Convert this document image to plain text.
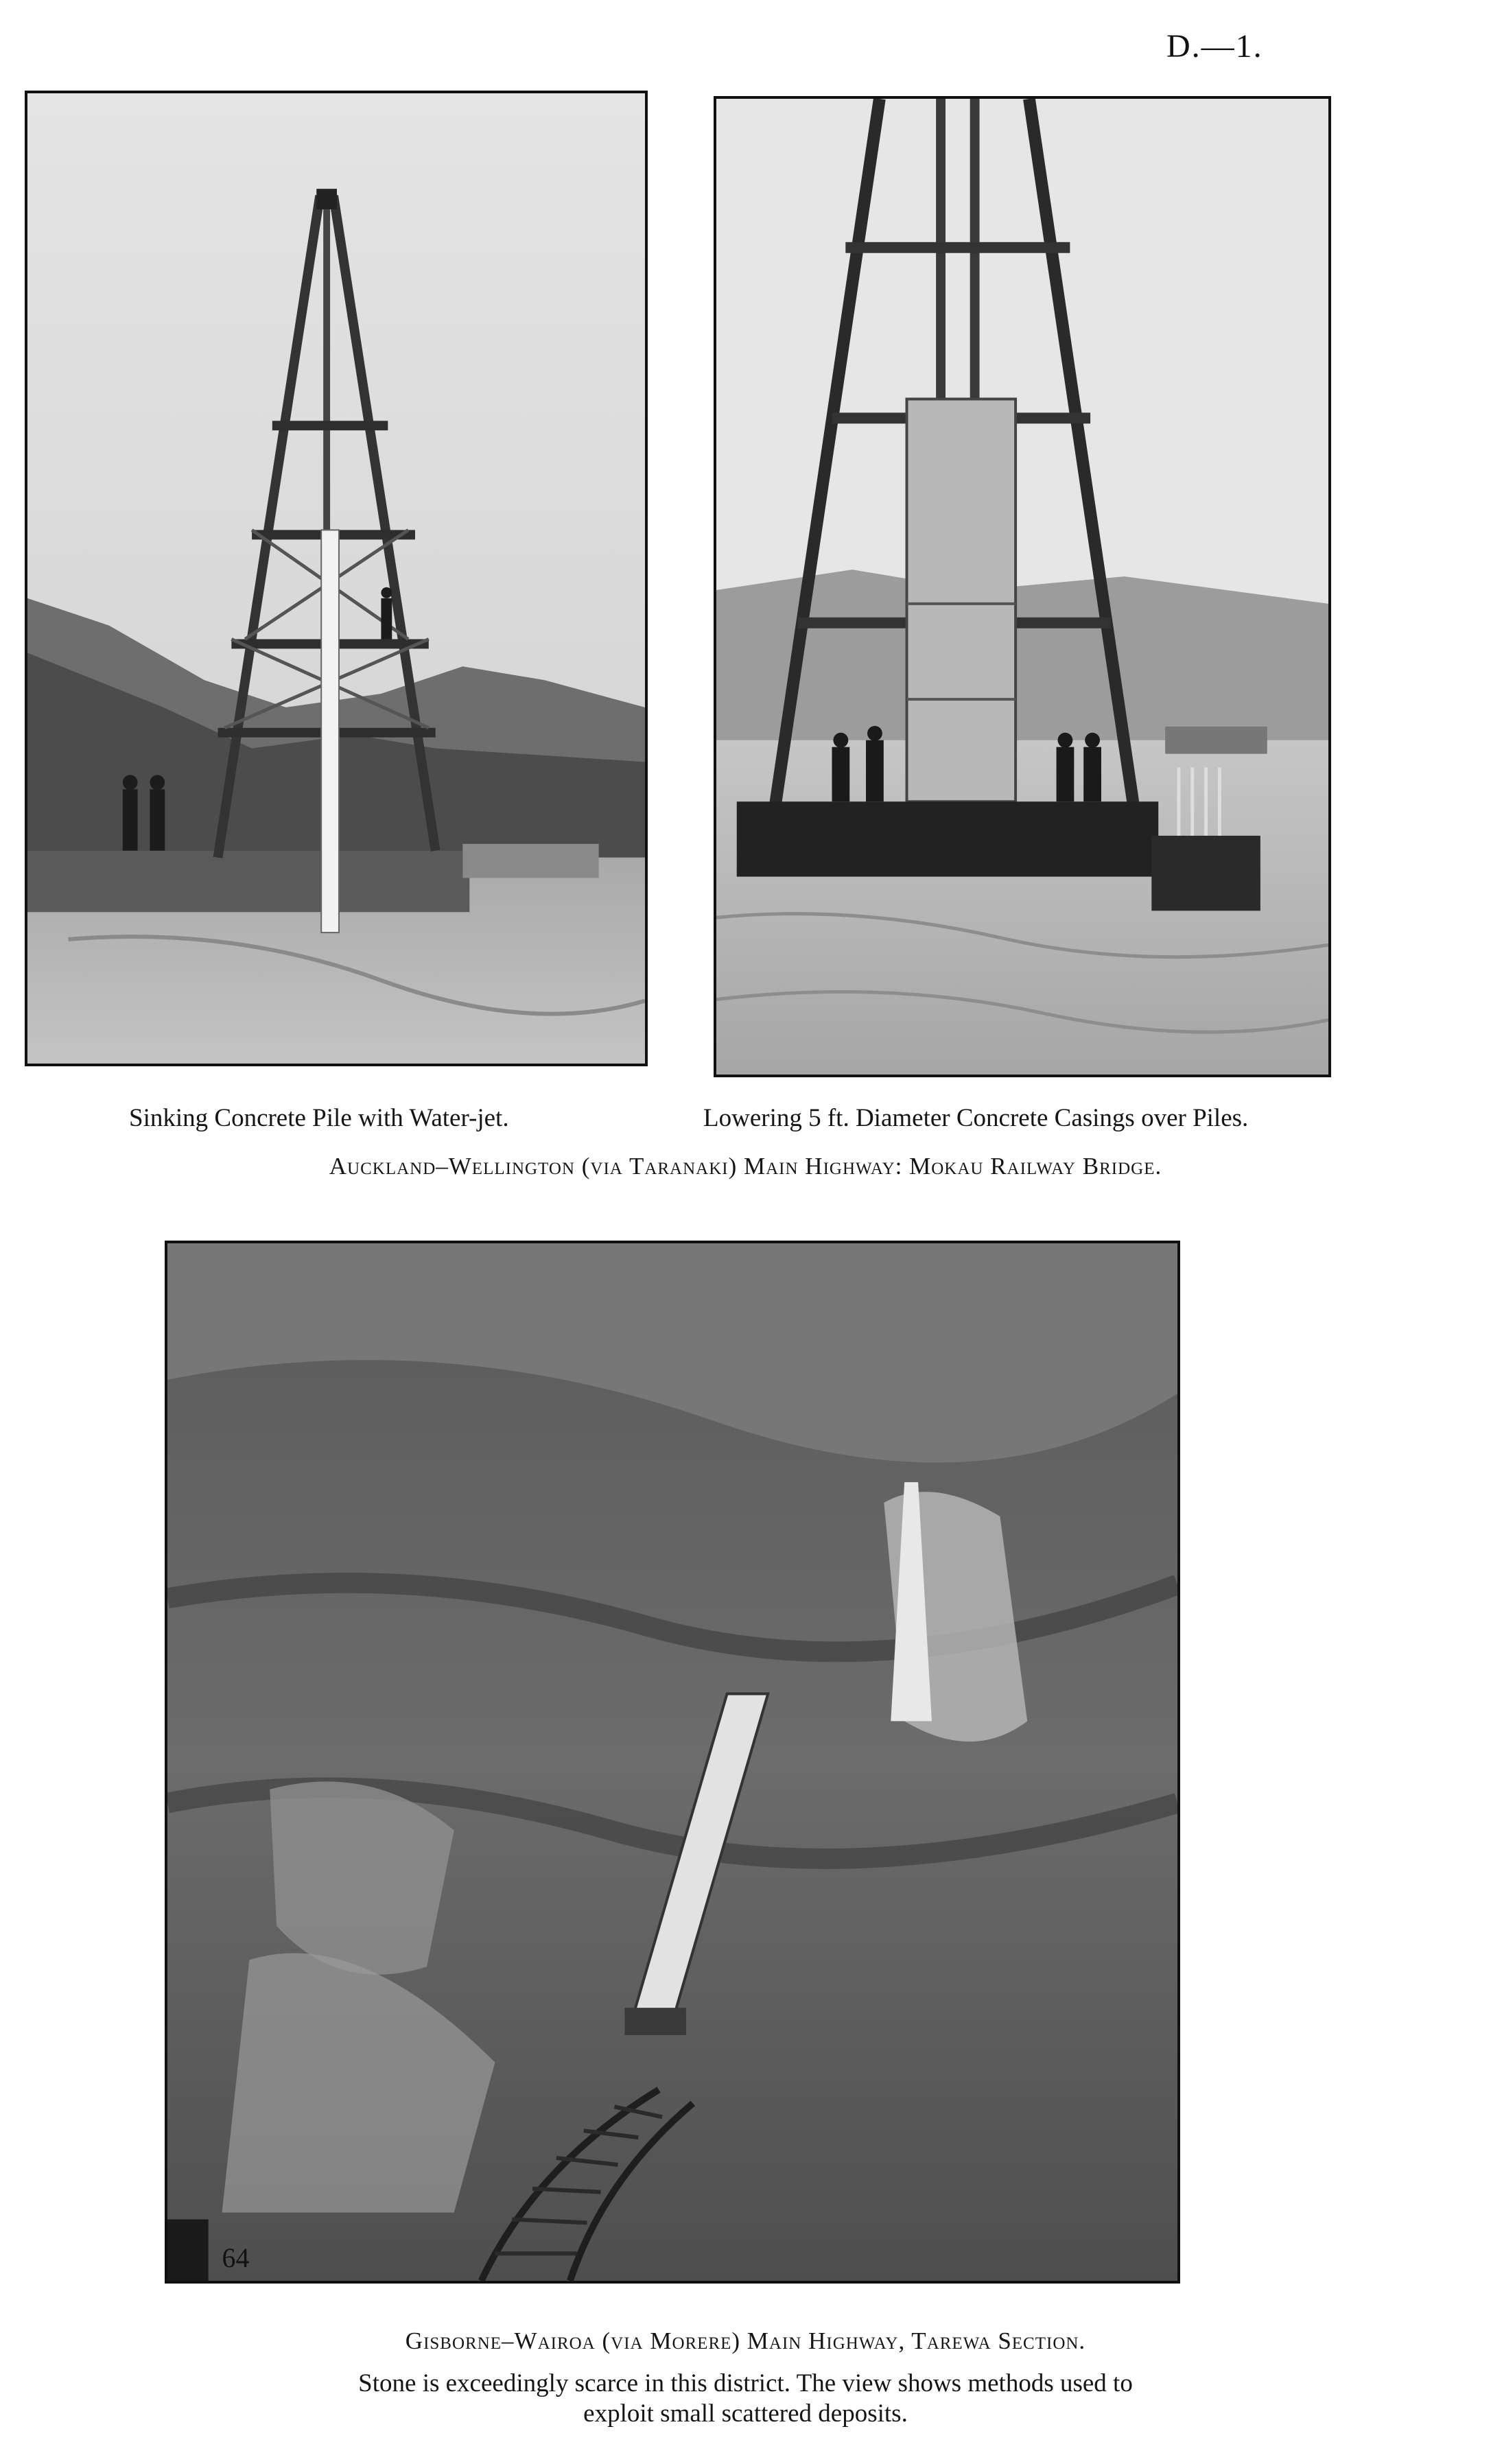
D.—1.
Sinking Concrete Pile with Water-jet.	Lowering 5 ft. Diameter Concrete Casings over Piles.
Auckland–Wellington (via Taranaki) Main Highway: Mokau Railway Bridge.
64
Gisborne–Wairoa (via Morere) Main Highway, Tarewa Section.
Stone is exceedingly scarce in this district. The view shows methods used to
exploit small scattered deposits.
